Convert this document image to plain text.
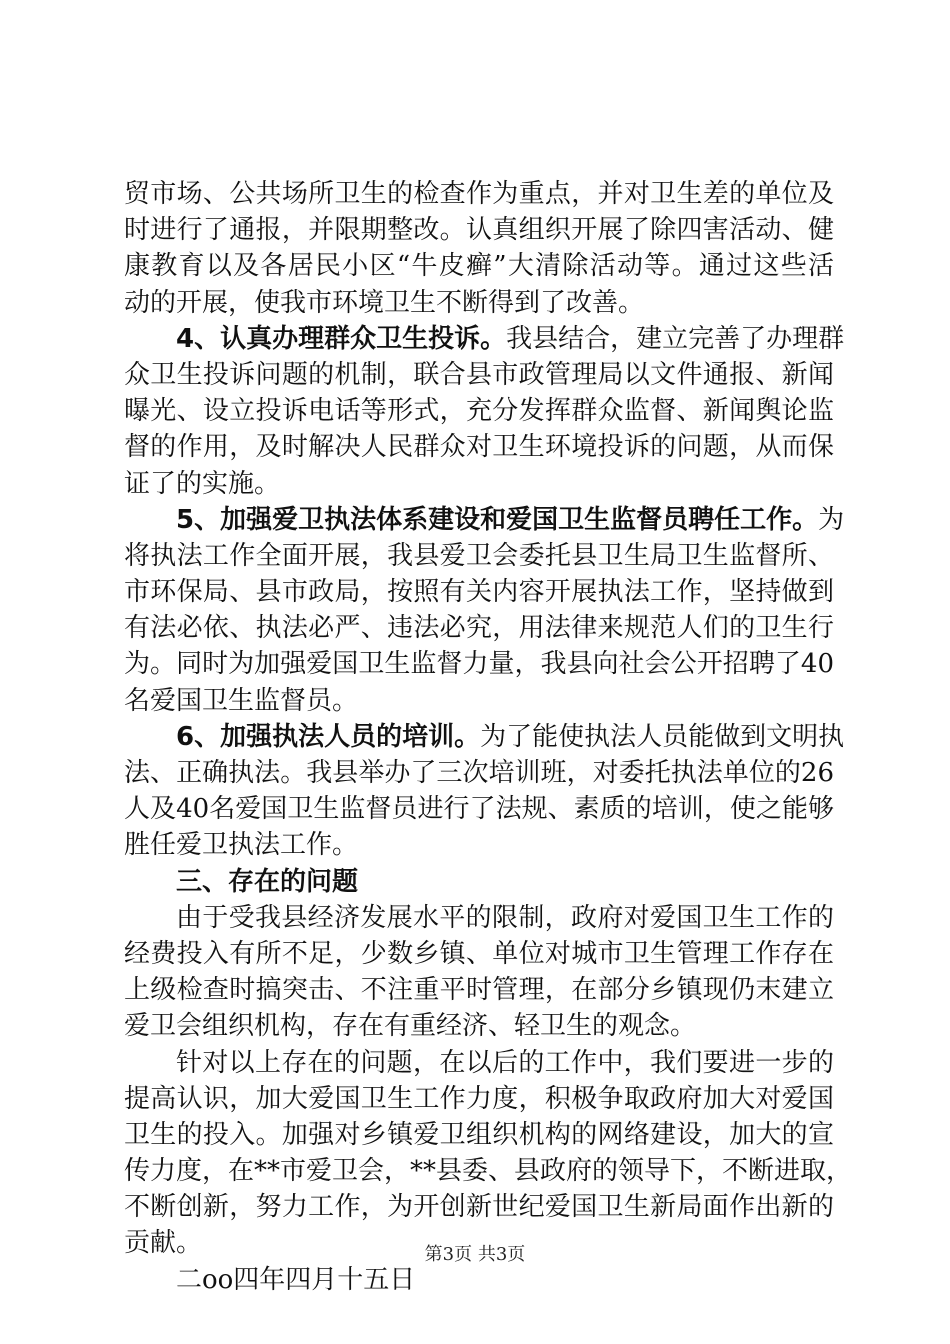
贸市场、公共场所卫生的检查作为重点，并对卫生差的单位及
时进行了通报，并限期整改。认真组织开展了除四害活动、健
康教育以及各居民小区“牛皮癣”大清除活动等。通过这些活
动的开展，使我市环境卫生不断得到了改善。
4、认真办理群众卫生投诉。我县结合，建立完善了办理群
众卫生投诉问题的机制，联合县市政管理局以文件通报、新闻
曝光、设立投诉电话等形式，充分发挥群众监督、新闻舆论监
督的作用，及时解决人民群众对卫生环境投诉的问题，从而保
证了的实施。
5、加强爱卫执法体系建设和爱国卫生监督员聘任工作。为
将执法工作全面开展，我县爱卫会委托县卫生局卫生监督所、
市环保局、县市政局，按照有关内容开展执法工作，坚持做到
有法必依、执法必严、违法必究，用法律来规范人们的卫生行
为。同时为加强爱国卫生监督力量，我县向社会公开招聘了40
名爱国卫生监督员。
6、加强执法人员的培训。为了能使执法人员能做到文明执
法、正确执法。我县举办了三次培训班，对委托执法单位的26
人及40名爱国卫生监督员进行了法规、素质的培训，使之能够
胜任爱卫执法工作。
三、存在的问题
由于受我县经济发展水平的限制，政府对爱国卫生工作的
经费投入有所不足，少数乡镇、单位对城市卫生管理工作存在
上级检查时搞突击、不注重平时管理，在部分乡镇现仍末建立
爱卫会组织机构，存在有重经济、轻卫生的观念。
针对以上存在的问题，在以后的工作中，我们要进一步的
提高认识，加大爱国卫生工作力度，积极争取政府加大对爱国
卫生的投入。加强对乡镇爱卫组织机构的网络建设，加大的宣
传力度，在**市爱卫会，**县委、县政府的领导下，不断进取，
不断创新，努力工作，为开创新世纪爱国卫生新局面作出新的
贡献。
二oo四年四月十五日
第3页 共3页
